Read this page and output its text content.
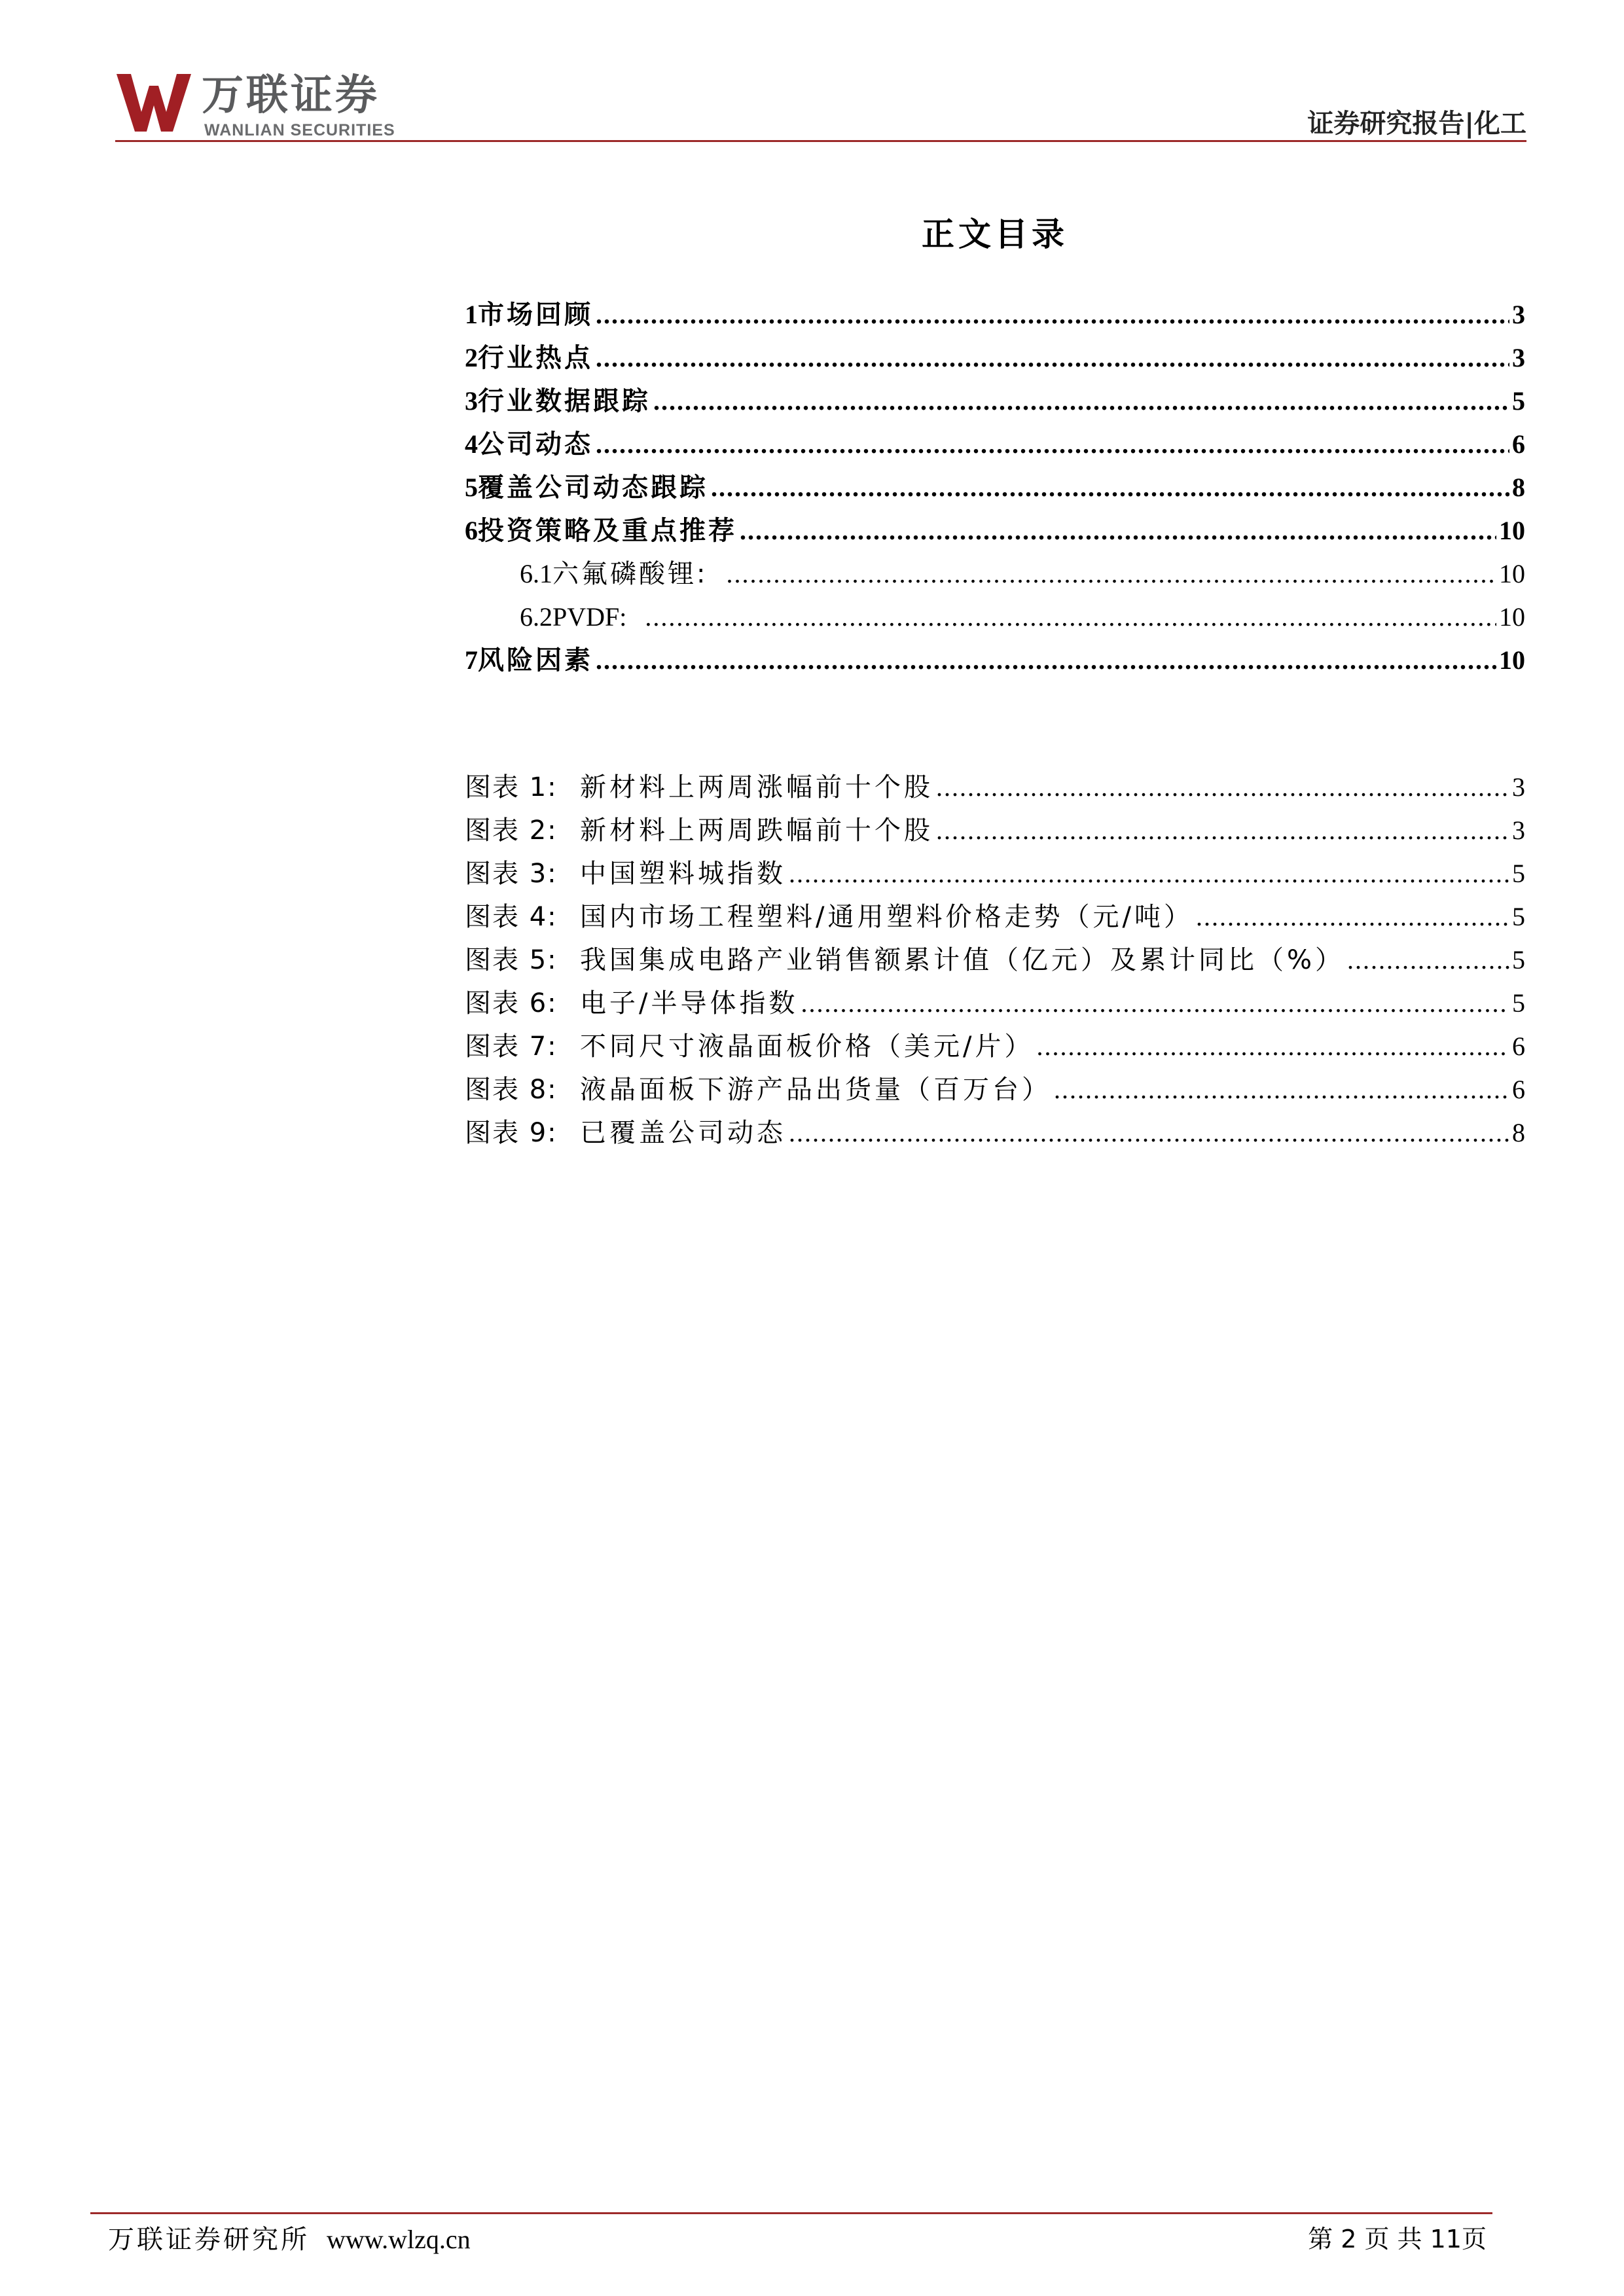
万联证券
WANLIAN SECURITIES	证券研究报告|化工
正文目录
1 市场回顾 .....	3
2 行业热点 .....	3
3 行业数据跟踪 .....	5
4 公司动态 .....	6
5 覆盖公司动态跟踪 .....	8
6 投资策略及重点推荐 .....	10
6.1 六氟磷酸锂: .....	10
6.2 PVDF: .....	10
7 风险因素 .....	10
图表 1: 新材料上两周涨幅前十个股 .....	3
图表 2: 新材料上两周跌幅前十个股 .....	3
图表 3: 中国塑料城指数 .....	5
图表 4: 国内市场工程塑料/通用塑料价格走势（元/吨） .....	5
图表 5: 我国集成电路产业销售额累计值（亿元）及累计同比（%） .....	5
图表 6: 电子/半导体指数 .....	5
图表 7: 不同尺寸液晶面板价格（美元/片） .....	6
图表 8: 液晶面板下游产品出货量（百万台） .....	6
图表 9: 已覆盖公司动态 .....	8
万联证券研究所 www.wlzq.cn	第 2 页 共 11页
